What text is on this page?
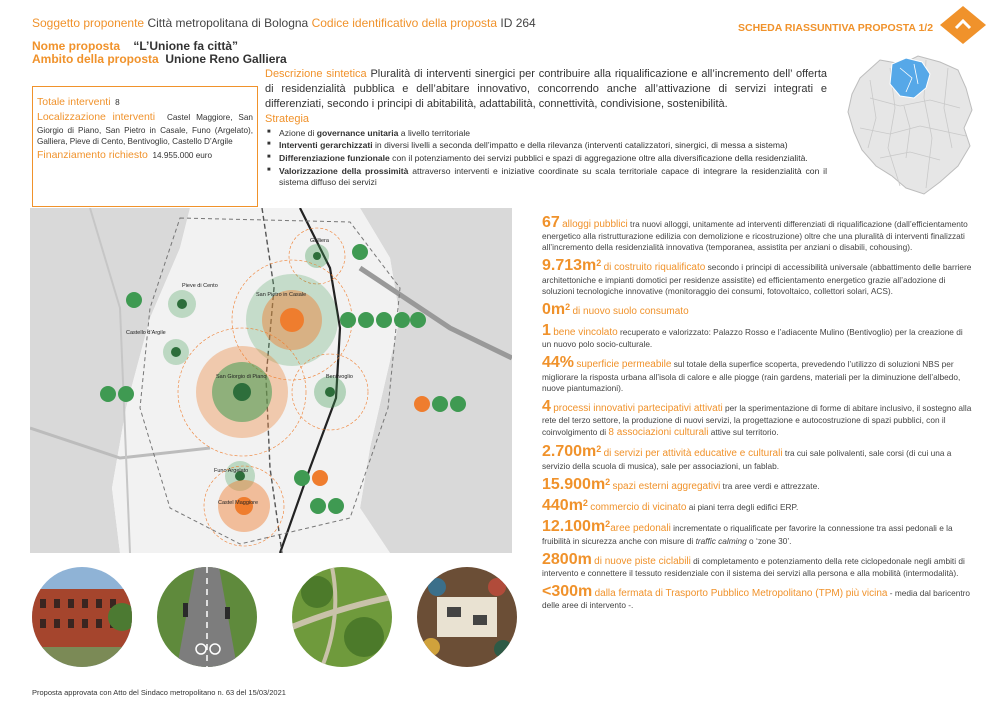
Soggetto proponente Città metropolitana di Bologna Codice identificativo della proposta ID 264	SCHEDA RIASSUNTIVA PROPOSTA 1/2
Nome proposta “L’Unione fa città”
Ambito della proposta Unione Reno Galliera
Totale interventi 8
Localizzazione interventi Castel Maggiore, San Giorgio di Piano, San Pietro in Casale, Funo (Argelato), Galliera, Pieve di Cento, Bentivoglio, Castello D’Argile
Finanziamento richiesto 14.955.000 euro
Descrizione sintetica Pluralità di interventi sinergici per contribuire alla riqualificazione e all’incremento dell’ offerta di residenzialità pubblica e dell’abitare innovativo, concorrendo anche all’attivazione di servizi integrati e differenziati, secondo i principi di abitabilità, adattabilità, connettività, condivisione, sostenibilità.
Strategia
■ Azione di governance unitaria a livello territoriale
■ Interventi gerarchizzati in diversi livelli a seconda dell’impatto e della rilevanza (interventi catalizzatori, sinergici, di messa a sistema)
■ Differenziazione funzionale con il potenziamento dei servizi pubblici e spazi di aggregazione oltre alla diversificazione della residenzialità.
■ Valorizzazione della prossimità attraverso interventi e iniziative coordinate su scala territoriale capace di integrare la residenzialità con il sistema diffuso dei servizi
Galliera
Pieve di Cento
San Pietro in Casale
Castello d’Argile
San Giorgio di Piano	Bentivoglio
Funo Argelato
Castel Maggiore
Proposta approvata con Atto del Sindaco metropolitano n. 63 del 15/03/2021
67 alloggi pubblici tra nuovi alloggi, unitamente ad interventi differenziati di riqualificazione (dall’efficientamento energetico alla ristrutturazione edilizia con demolizione e ricostruzione) oltre che una pluralità di interventi finalizzati all’incremento della residenzialità innovativa (temporanea, assistita per anziani o disabili, cohousing).
$9.713m^2$ di costruito riqualificato secondo i principi di accessibilità universale (abbattimento delle barriere architettoniche e impianti domotici per residenze assistite) ed efficientamento energetico grazie all’adozione di soluzioni tecnologiche innovative (monitoraggio dei consumi, fotovoltaico, collettori solari, ACS).
$0m^2$ di nuovo suolo consumato
1 bene vincolato recuperato e valorizzato: Palazzo Rosso e l’adiacente Mulino (Bentivoglio) per la creazione di un nuovo polo socio-culturale.
44% superficie permeabile sul totale della superfice scoperta, prevedendo l’utilizzo di soluzioni NBS per migliorare la risposta urbana all’isola di calore e alle piogge (rain gardens, materiali per la diminuzione dell’albedo, nuove piantumazioni).
4 processi innovativi partecipativi attivati per la sperimentazione di forme di abitare inclusivo, il sostegno alla rete del terzo settore, la produzione di nuovi servizi, la progettazione e autocostruzione di spazi pubblici, con il coinvolgimento di 8 associazioni culturali attive sul territorio.
$2.700m^2$ di servizi per attività educative e culturali tra cui sale polivalenti, sale corsi (di cui una a servizio della scuola di musica), sale per associazioni, un fablab.
$15.900m^2$ spazi esterni aggregativi tra aree verdi e attrezzate.
$440m^2$ commercio di vicinato ai piani terra degli edifici ERP.
$12.100m^2aree$ pedonali incrementate o riqualificate per favorire la connessione tra assi pedonali e la fruibilità in sicurezza anche con misure di traffic calming o ‘zone 30’.
2800m di nuove piste ciclabili di completamento e potenziamento della rete ciclopedonale negli ambiti di intervento e connettere il tessuto residenziale con il sistema dei servizi alla persona e alla mobilità (intermodalità).
<300m dalla fermata di Trasporto Pubblico Metropolitano (TPM) più vicina - media dal baricentro delle aree di intervento -.
